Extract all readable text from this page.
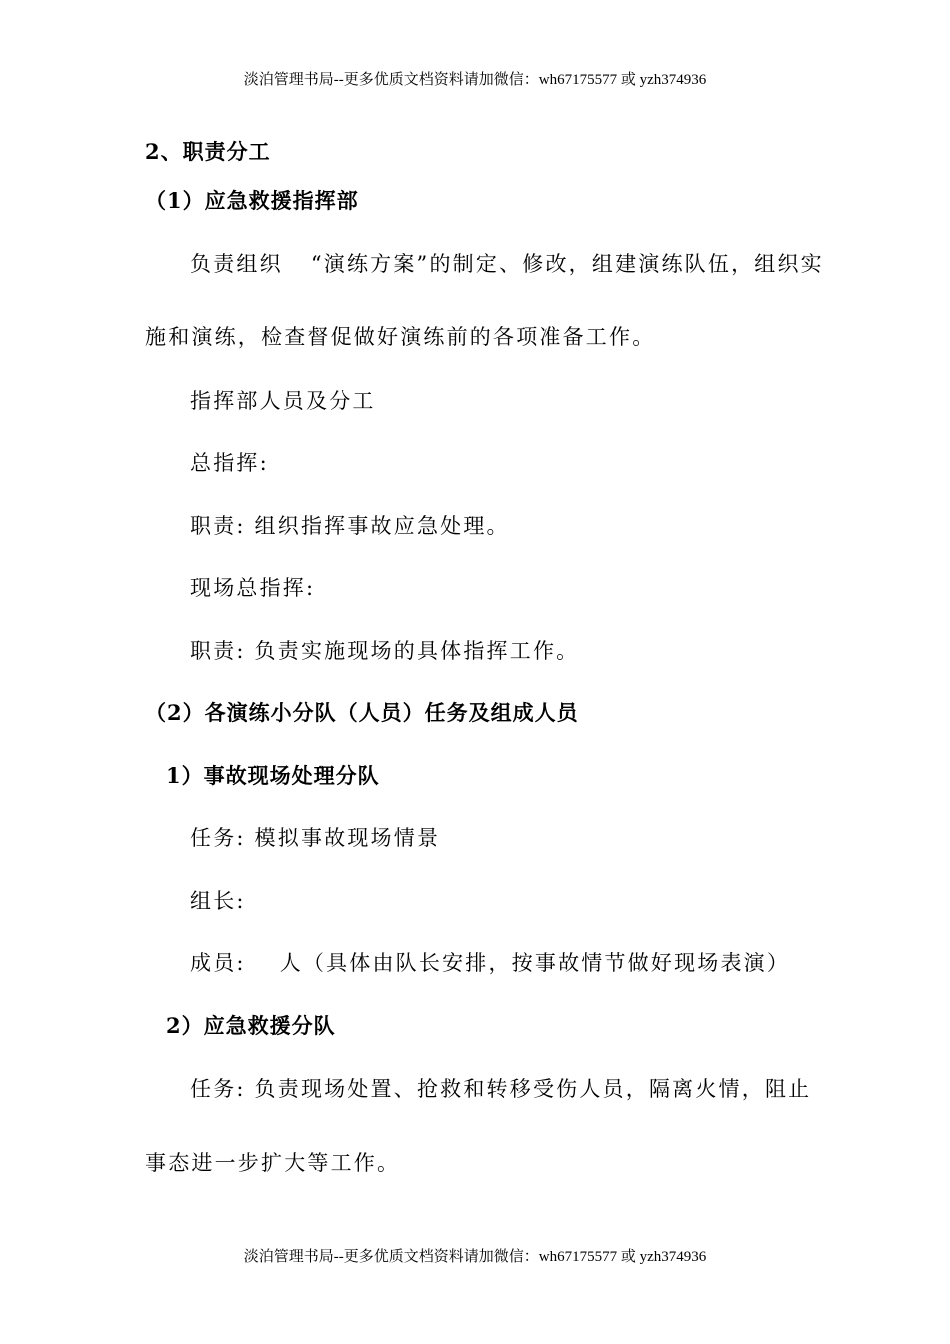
淡泊管理书局--更多优质文档资料请加微信：wh67175577 或 yzh374936
2、职责分工
（1）应急救援指挥部
负责组织 “演练方案”的制定、修改，组建演练队伍，组织实
施和演练，检查督促做好演练前的各项准备工作。
指挥部人员及分工
总指挥:
职责: 组织指挥事故应急处理。
现场总指挥:
职责: 负责实施现场的具体指挥工作。
（2）各演练小分队（人员）任务及组成人员
1）事故现场处理分队
任务: 模拟事故现场情景
组长:
成员: 人（具体由队长安排，按事故情节做好现场表演）
2）应急救援分队
任务: 负责现场处置、抢救和转移受伤人员，隔离火情，阻止
事态进一步扩大等工作。
淡泊管理书局--更多优质文档资料请加微信：wh67175577 或 yzh374936
